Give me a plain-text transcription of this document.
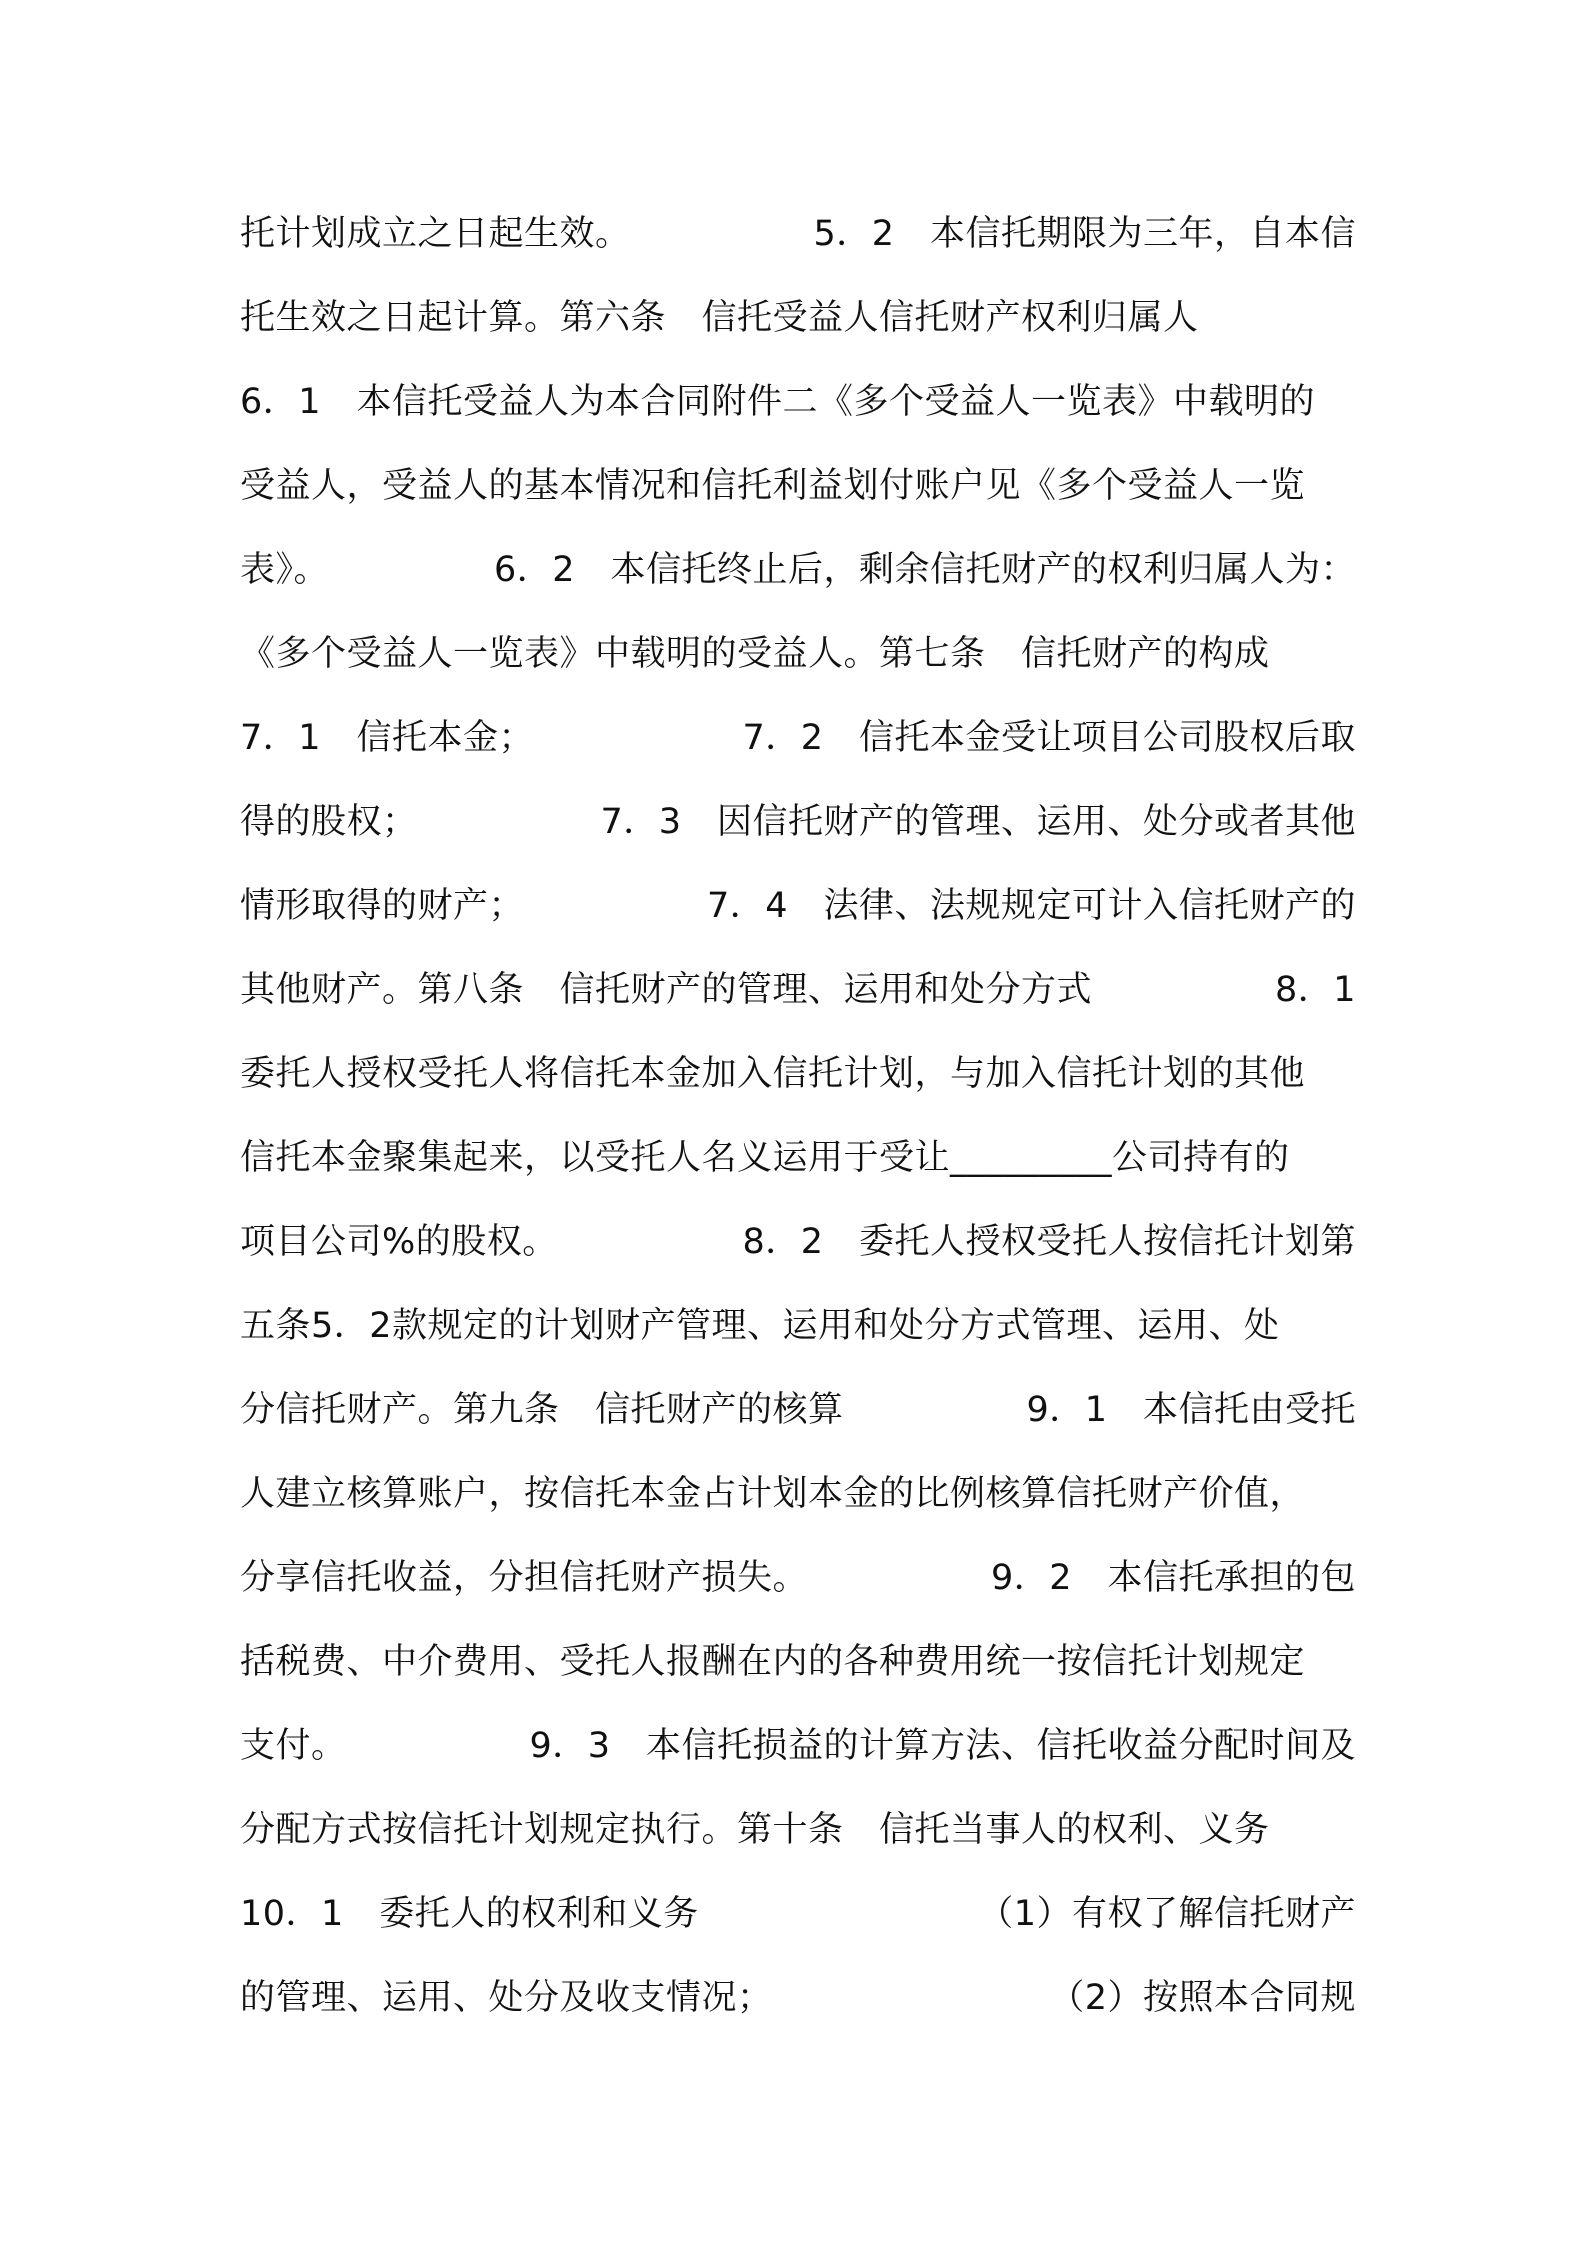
托计划成立之日起生效。	5．2　本信托期限为三年，自本信
托生效之日起计算。第六条　信托受益人信托财产权利归属人
6．1　本信托受益人为本合同附件二《多个受益人一览表》中载明的
受益人，受益人的基本情况和信托利益划付账户见《多个受益人一览
表》。	6．2　本信托终止后，剩余信托财产的权利归属人为：
《多个受益人一览表》中载明的受益人。第七条　信托财产的构成
7．1　信托本金；	7．2　信托本金受让项目公司股权后取
得的股权；	7．3　因信托财产的管理、运用、处分或者其他
情形取得的财产；	7．4　法律、法规规定可计入信托财产的
其他财产。第八条　信托财产的管理、运用和处分方式	8．1
委托人授权受托人将信托本金加入信托计划，与加入信托计划的其他
信托本金聚集起来，以受托人名义运用于受让_________公司持有的
项目公司%的股权。	8．2　委托人授权受托人按信托计划第
五条5．2款规定的计划财产管理、运用和处分方式管理、运用、处
分信托财产。第九条　信托财产的核算	9．1　本信托由受托
人建立核算账户，按信托本金占计划本金的比例核算信托财产价值，
分享信托收益，分担信托财产损失。	9．2　本信托承担的包
括税费、中介费用、受托人报酬在内的各种费用统一按信托计划规定
支付。	9．3　本信托损益的计算方法、信托收益分配时间及
分配方式按信托计划规定执行。第十条　信托当事人的权利、义务
10．1　委托人的权利和义务	（1）有权了解信托财产
的管理、运用、处分及收支情况；	（2）按照本合同规
